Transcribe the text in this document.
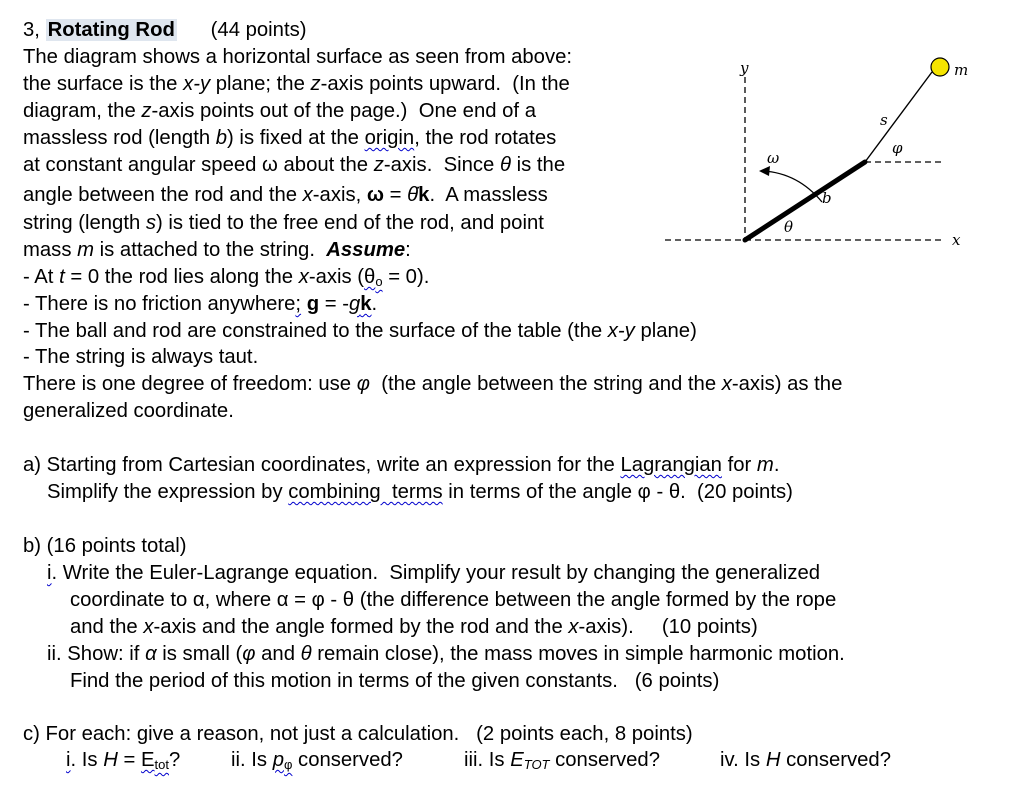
3, Rotating Rod (44 points)
The diagram shows a horizontal surface as seen from above:
the surface is the x-y plane; the z-axis points upward.  (In the
diagram, the z-axis points out of the page.)  One end of a
massless rod (length b) is fixed at the origin, the rod rotates
at constant angular speed ω about the z-axis.  Since θ is the
angle between the rod and the x-axis, ω = θ̇k.  A massless
string (length s) is tied to the free end of the rod, and point
mass m is attached to the string.  Assume:
- At t = 0 the rod lies along the x-axis $(\theta_o = 0)$.
- There is no friction anywhere; g = -gk.
- The ball and rod are constrained to the surface of the table (the x-y plane)
- The string is always taut.
There is one degree of freedom: use φ  (the angle between the string and the x-axis) as the
generalized coordinate.
a) Starting from Cartesian coordinates, write an expression for the Lagrangian for m.
Simplify the expression by combining  terms in terms of the angle φ - θ.  (20 points)
b) (16 points total)
i. Write the Euler-Lagrange equation.  Simplify your result by changing the generalized
coordinate to α, where α = φ - θ (the difference between the angle formed by the rope
and the x-axis and the angle formed by the rod and the x-axis).     (10 points)
ii. Show: if α is small (φ and θ remain close), the mass moves in simple harmonic motion.
Find the period of this motion in terms of the given constants.   (6 points)
c) For each: give a reason, not just a calculation.   (2 points each, 8 points)
i. Is $H = E_{tot}$? ii. Is $p_\varphi$ conserved?	iii. Is $E_{TOT}$ conserved?	iv. Is H conserved?
y
x
m
s
b
ω
θ
φ
